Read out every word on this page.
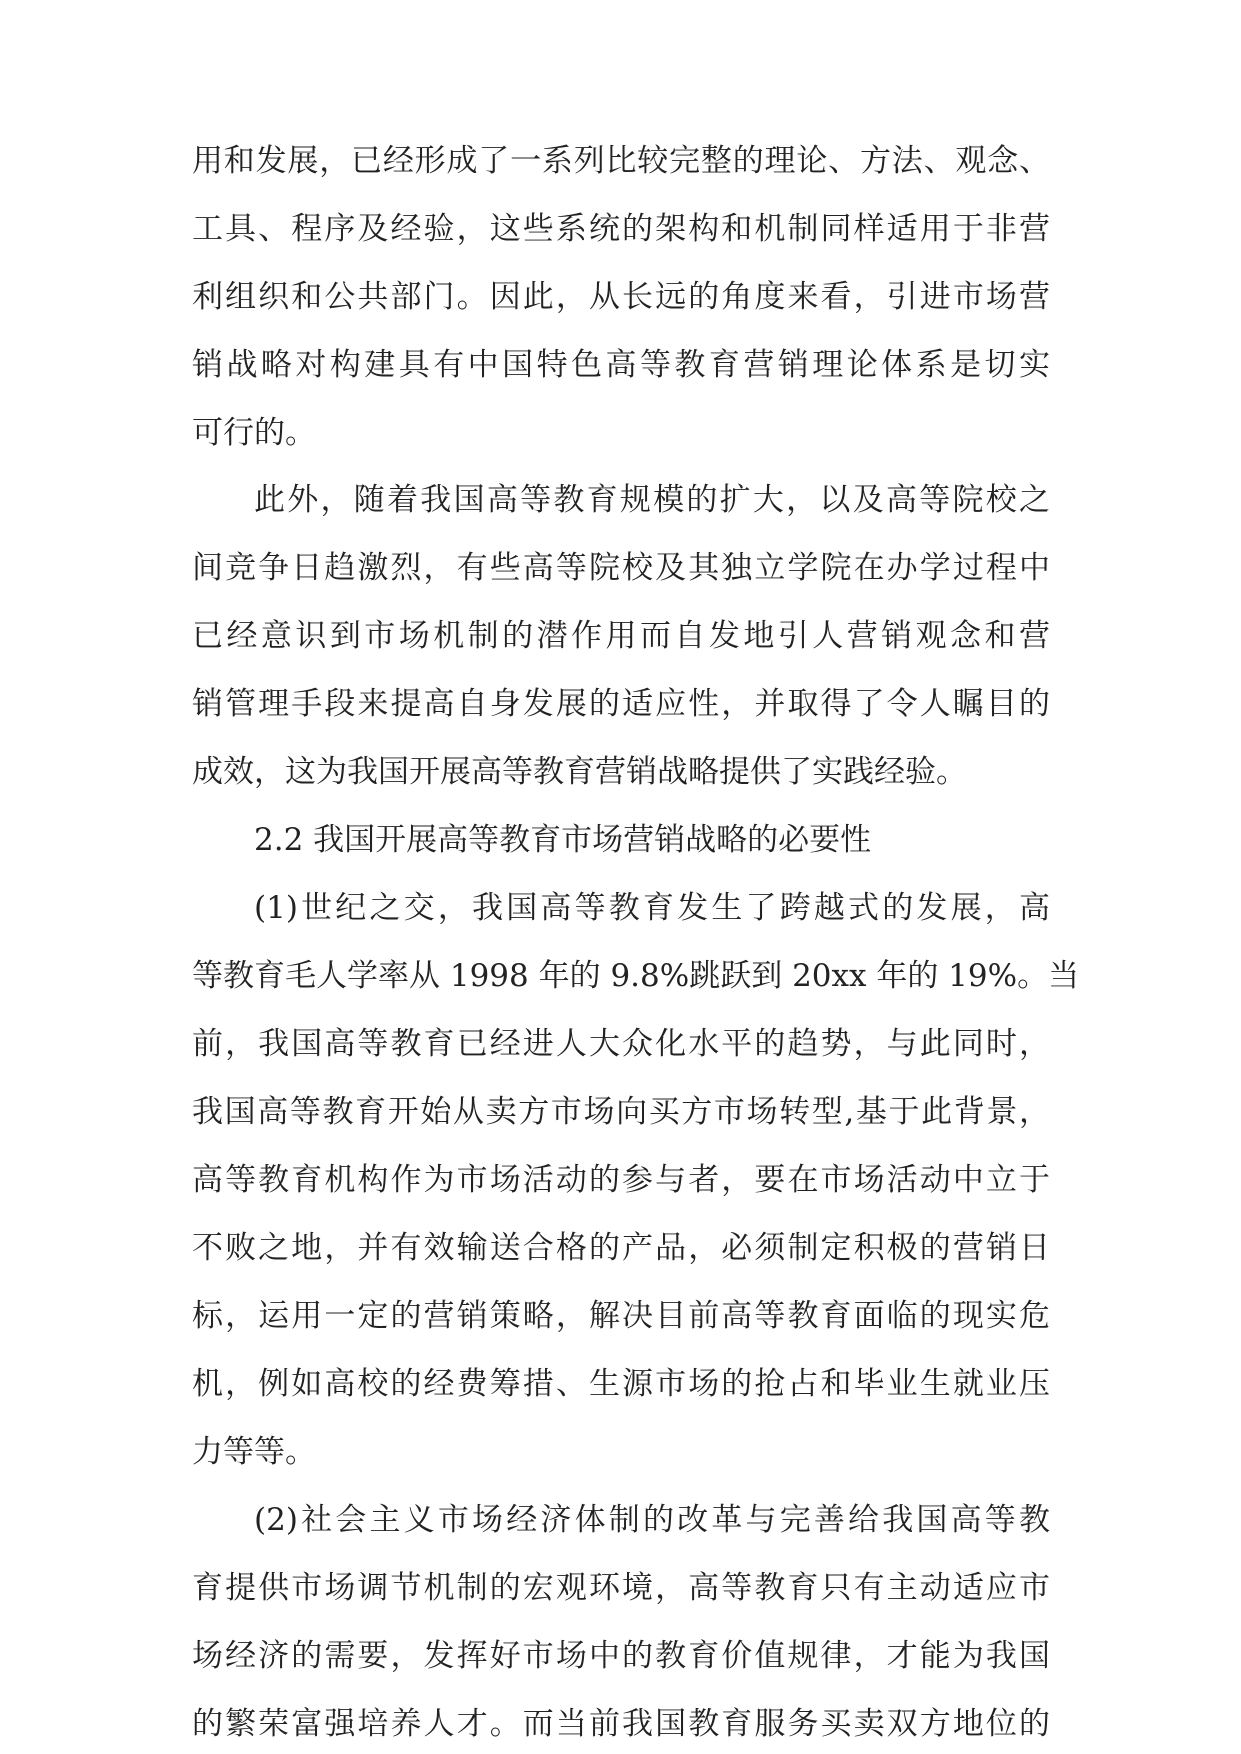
用和发展，已经形成了一系列比较完整的理论、方法、观念、

工具、程序及经验，这些系统的架构和机制同样适用于非营

利组织和公共部门。因此，从长远的角度来看，引进市场营

销战略对构建具有中国特色高等教育营销理论体系是切实

可行的。

此外，随着我国高等教育规模的扩大，以及高等院校之

间竞争日趋激烈，有些高等院校及其独立学院在办学过程中

已经意识到市场机制的潜作用而自发地引人营销观念和营

销管理手段来提高自身发展的适应性，并取得了令人瞩目的

成效，这为我国开展高等教育营销战略提供了实践经验。

2.2 我国开展高等教育市场营销战略的必要性

(1)世纪之交，我国高等教育发生了跨越式的发展，高

等教育毛人学率从 1998 年的 9.8%跳跃到 20xx 年的 19%。当

前，我国高等教育已经进人大众化水平的趋势，与此同时，

我国高等教育开始从卖方市场向买方市场转型,基于此背景，

高等教育机构作为市场活动的参与者，要在市场活动中立于

不败之地，并有效输送合格的产品，必须制定积极的营销日

标，运用一定的营销策略，解决目前高等教育面临的现实危

机，例如高校的经费筹措、生源市场的抢占和毕业生就业压

力等等。

(2)社会主义市场经济体制的改革与完善给我国高等教

育提供市场调节机制的宏观环境，高等教育只有主动适应市

场经济的需要，发挥好市场中的教育价值规律，才能为我国

的繁荣富强培养人才。而当前我国教育服务买卖双方地位的
